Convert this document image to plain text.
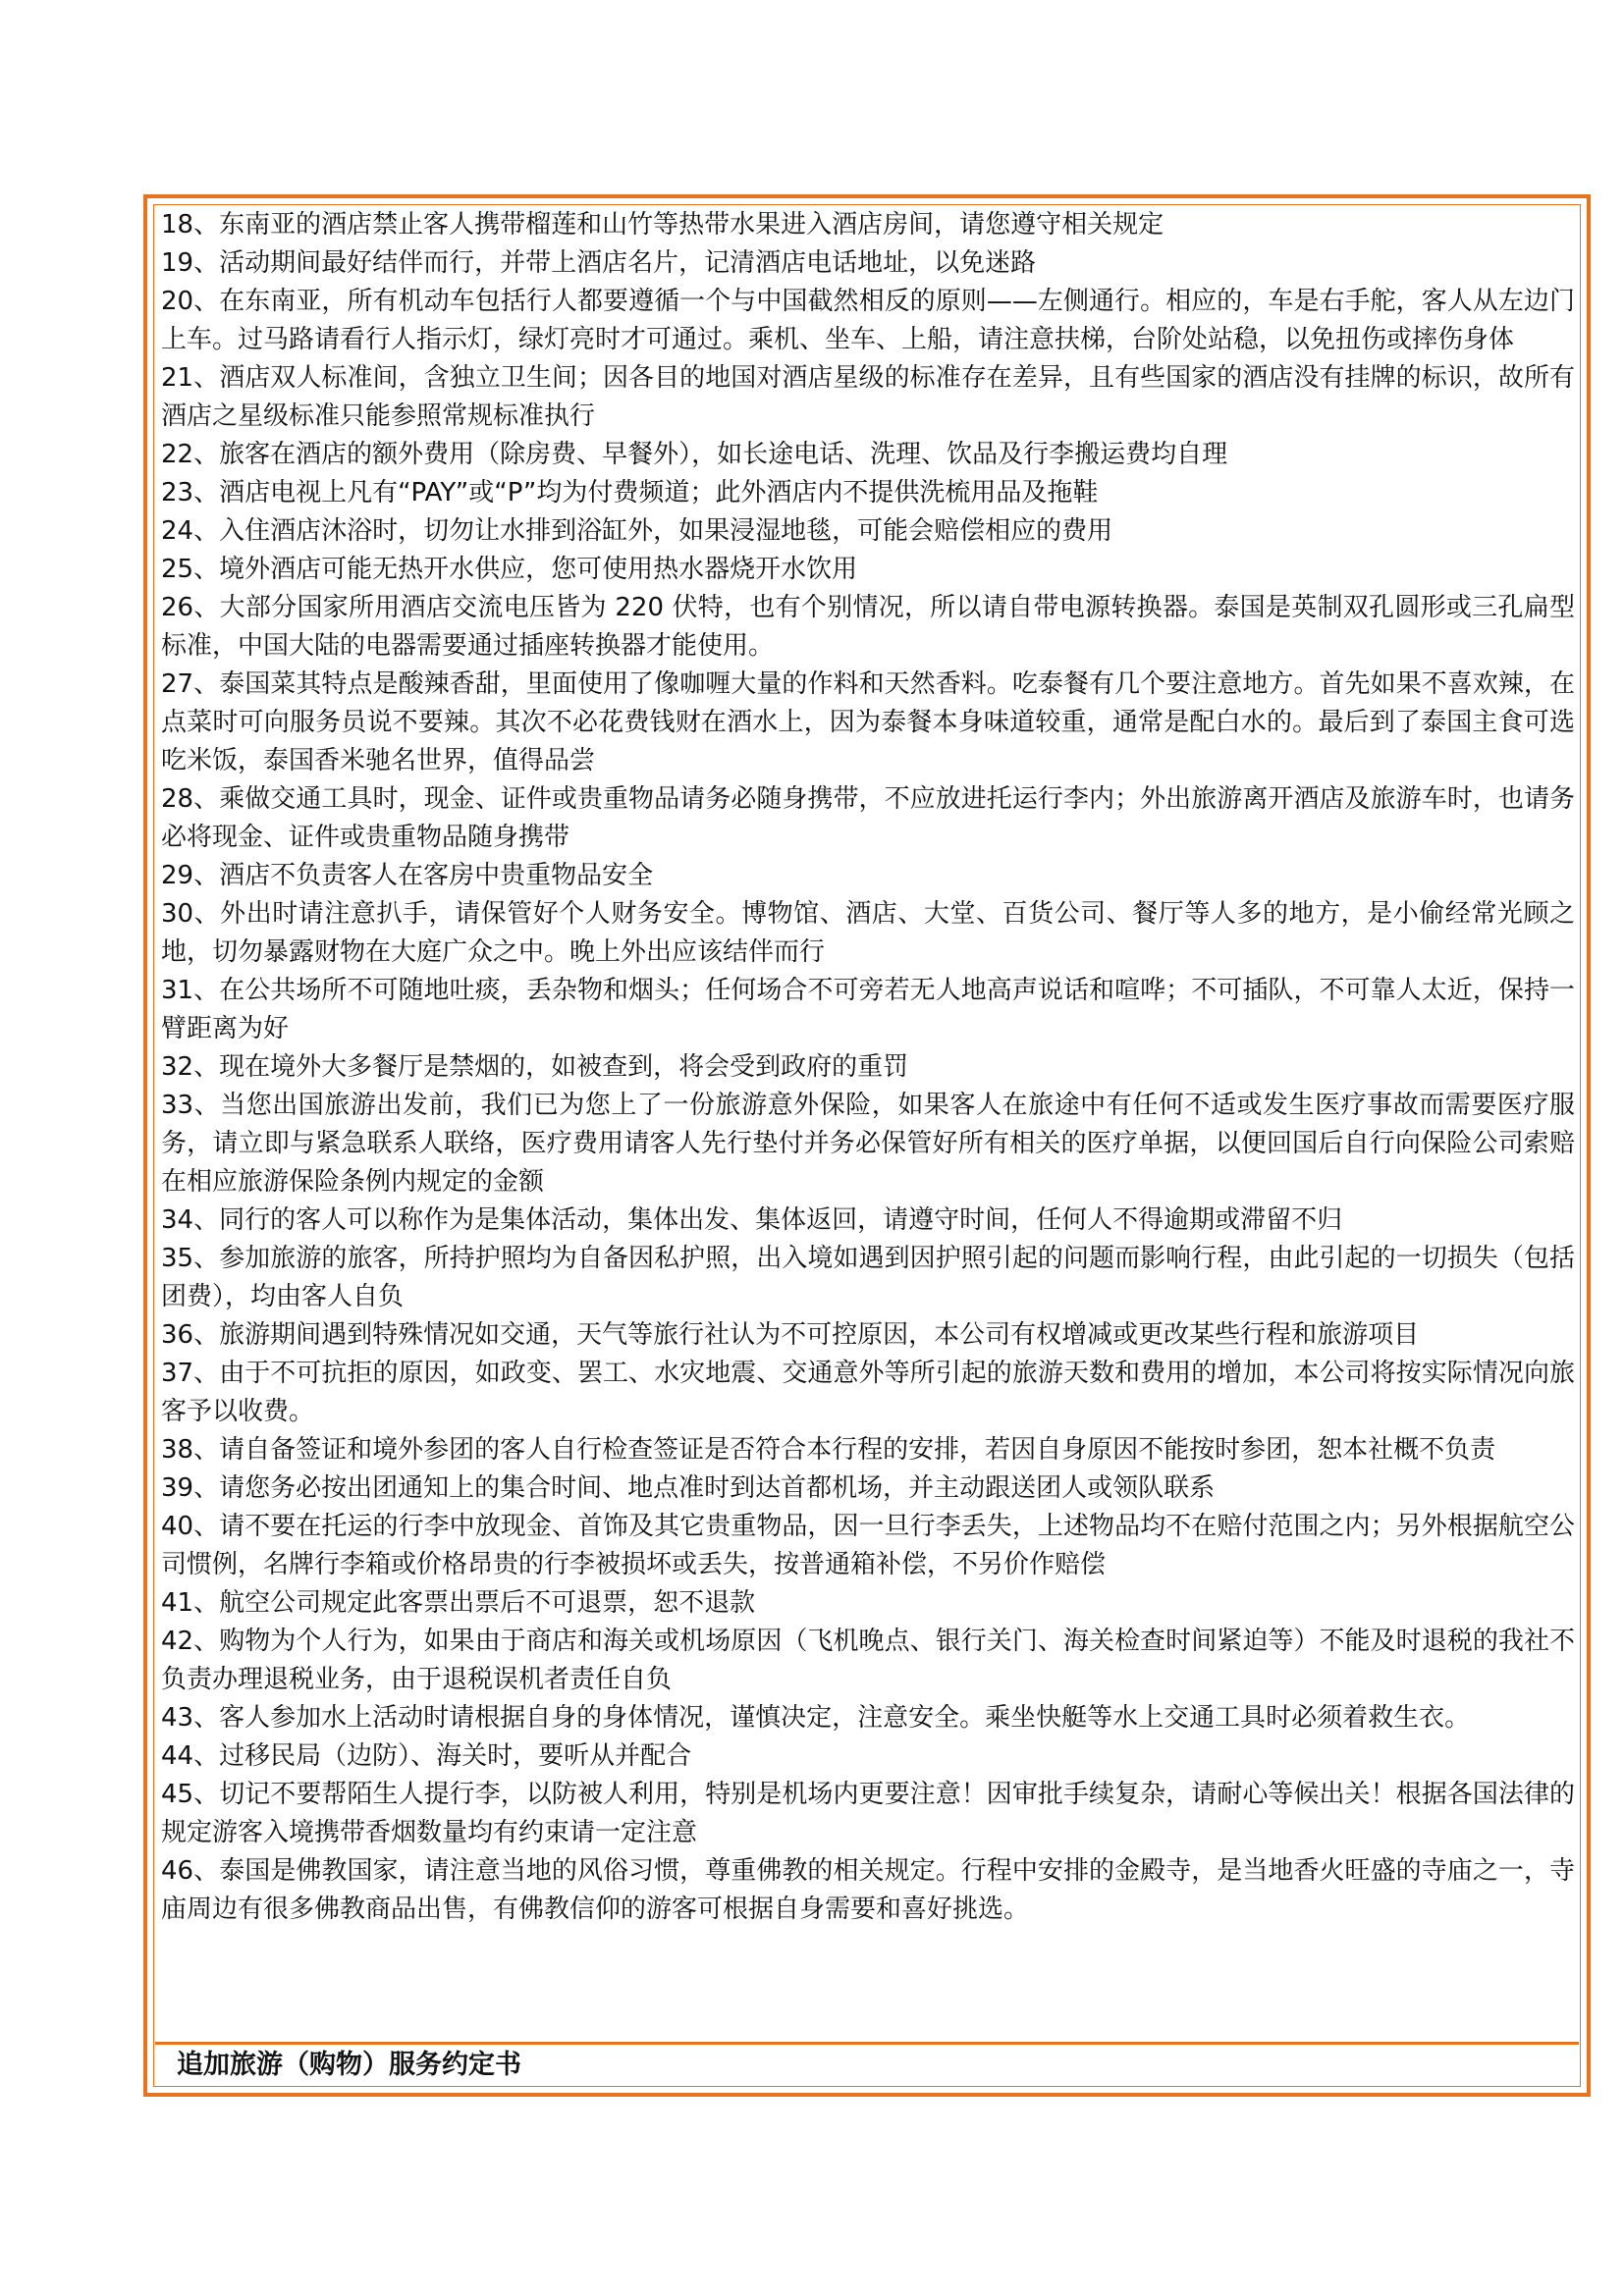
18、东南亚的酒店禁止客人携带榴莲和山竹等热带水果进入酒店房间，请您遵守相关规定

19、活动期间最好结伴而行，并带上酒店名片，记清酒店电话地址，以免迷路

20、在东南亚，所有机动车包括行人都要遵循一个与中国截然相反的原则——左侧通行。相应的，车是右手舵，客人从左边门上车。过马路请看行人指示灯，绿灯亮时才可通过。乘机、坐车、上船，请注意扶梯，台阶处站稳，以免扭伤或摔伤身体

21、酒店双人标准间，含独立卫生间；因各目的地国对酒店星级的标准存在差异，且有些国家的酒店没有挂牌的标识，故所有酒店之星级标准只能参照常规标准执行

22、旅客在酒店的额外费用（除房费、早餐外），如长途电话、洗理、饮品及行李搬运费均自理

23、酒店电视上凡有“PAY”或“P”均为付费频道；此外酒店内不提供洗梳用品及拖鞋

24、入住酒店沐浴时，切勿让水排到浴缸外，如果浸湿地毯，可能会赔偿相应的费用

25、境外酒店可能无热开水供应，您可使用热水器烧开水饮用

26、大部分国家所用酒店交流电压皆为 220 伏特，也有个别情况，所以请自带电源转换器。泰国是英制双孔圆形或三孔扁型标准，中国大陆的电器需要通过插座转换器才能使用。

27、泰国菜其特点是酸辣香甜，里面使用了像咖喱大量的作料和天然香料。吃泰餐有几个要注意地方。首先如果不喜欢辣，在点菜时可向服务员说不要辣。其次不必花费钱财在酒水上，因为泰餐本身味道较重，通常是配白水的。最后到了泰国主食可选吃米饭，泰国香米驰名世界，值得品尝

28、乘做交通工具时，现金、证件或贵重物品请务必随身携带，不应放进托运行李内；外出旅游离开酒店及旅游车时，也请务必将现金、证件或贵重物品随身携带

29、酒店不负责客人在客房中贵重物品安全

30、外出时请注意扒手，请保管好个人财务安全。博物馆、酒店、大堂、百货公司、餐厅等人多的地方，是小偷经常光顾之地，切勿暴露财物在大庭广众之中。晚上外出应该结伴而行

31、在公共场所不可随地吐痰，丢杂物和烟头；任何场合不可旁若无人地高声说话和喧哗；不可插队，不可靠人太近，保持一臂距离为好

32、现在境外大多餐厅是禁烟的，如被查到，将会受到政府的重罚

33、当您出国旅游出发前，我们已为您上了一份旅游意外保险，如果客人在旅途中有任何不适或发生医疗事故而需要医疗服务，请立即与紧急联系人联络，医疗费用请客人先行垫付并务必保管好所有相关的医疗单据，以便回国后自行向保险公司索赔在相应旅游保险条例内规定的金额

34、同行的客人可以称作为是集体活动，集体出发、集体返回，请遵守时间，任何人不得逾期或滞留不归

35、参加旅游的旅客，所持护照均为自备因私护照，出入境如遇到因护照引起的问题而影响行程，由此引起的一切损失（包括团费），均由客人自负

36、旅游期间遇到特殊情况如交通，天气等旅行社认为不可控原因，本公司有权增减或更改某些行程和旅游项目

37、由于不可抗拒的原因，如政变、罢工、水灾地震、交通意外等所引起的旅游天数和费用的增加，本公司将按实际情况向旅客予以收费。

38、请自备签证和境外参团的客人自行检查签证是否符合本行程的安排，若因自身原因不能按时参团，恕本社概不负责

39、请您务必按出团通知上的集合时间、地点准时到达首都机场，并主动跟送团人或领队联系

40、请不要在托运的行李中放现金、首饰及其它贵重物品，因一旦行李丢失，上述物品均不在赔付范围之内；另外根据航空公司惯例，名牌行李箱或价格昂贵的行李被损坏或丢失，按普通箱补偿，不另价作赔偿

41、航空公司规定此客票出票后不可退票，恕不退款

42、购物为个人行为，如果由于商店和海关或机场原因（飞机晚点、银行关门、海关检查时间紧迫等）不能及时退税的我社不负责办理退税业务，由于退税误机者责任自负

43、客人参加水上活动时请根据自身的身体情况，谨慎决定，注意安全。乘坐快艇等水上交通工具时必须着救生衣。

44、过移民局（边防）、海关时，要听从并配合

45、切记不要帮陌生人提行李，以防被人利用，特别是机场内更要注意！因审批手续复杂，请耐心等候出关！根据各国法律的规定游客入境携带香烟数量均有约束请一定注意

46、泰国是佛教国家，请注意当地的风俗习惯，尊重佛教的相关规定。行程中安排的金殿寺，是当地香火旺盛的寺庙之一，寺庙周边有很多佛教商品出售，有佛教信仰的游客可根据自身需要和喜好挑选。

追加旅游（购物）服务约定书
